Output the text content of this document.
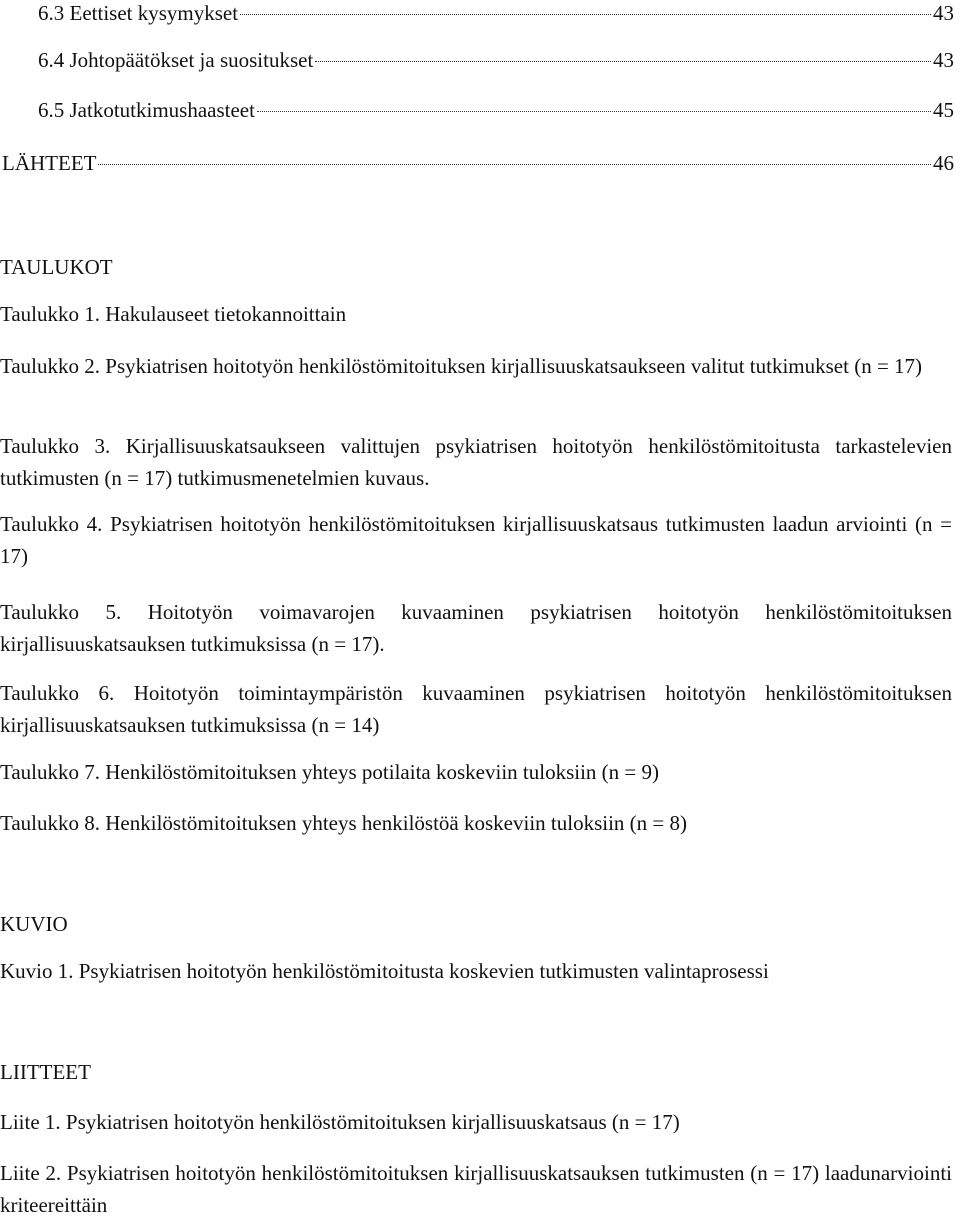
6.3 Eettiset kysymykset	43
6.4 Johtopäätökset ja suositukset	43
6.5 Jatkotutkimushaasteet	45
LÄHTEET	46
TAULUKOT
Taulukko 1. Hakulauseet tietokannoittain
Taulukko 2. Psykiatrisen hoitotyön henkilöstömitoituksen kirjallisuuskatsaukseen valitut tutkimukset (n = 17)
Taulukko 3. Kirjallisuuskatsaukseen valittujen psykiatrisen hoitotyön henkilöstömitoitusta tarkastelevien tutkimusten (n = 17) tutkimusmenetelmien kuvaus.
Taulukko 4. Psykiatrisen hoitotyön henkilöstömitoituksen kirjallisuuskatsaus tutkimusten laadun arviointi (n = 17)
Taulukko 5. Hoitotyön voimavarojen kuvaaminen psykiatrisen hoitotyön henkilöstömitoituksen kirjallisuuskatsauksen tutkimuksissa (n = 17).
Taulukko 6. Hoitotyön toimintaympäristön kuvaaminen psykiatrisen hoitotyön henkilöstömitoituksen kirjallisuuskatsauksen tutkimuksissa (n = 14)
Taulukko 7. Henkilöstömitoituksen yhteys potilaita koskeviin tuloksiin (n = 9)
Taulukko 8. Henkilöstömitoituksen yhteys henkilöstöä koskeviin tuloksiin (n = 8)
KUVIO
Kuvio 1. Psykiatrisen hoitotyön henkilöstömitoitusta koskevien tutkimusten valintaprosessi
LIITTEET
Liite 1. Psykiatrisen hoitotyön henkilöstömitoituksen kirjallisuuskatsaus (n = 17)
Liite 2. Psykiatrisen hoitotyön henkilöstömitoituksen kirjallisuuskatsauksen tutkimusten (n = 17) laadunarviointi kriteereittäin
